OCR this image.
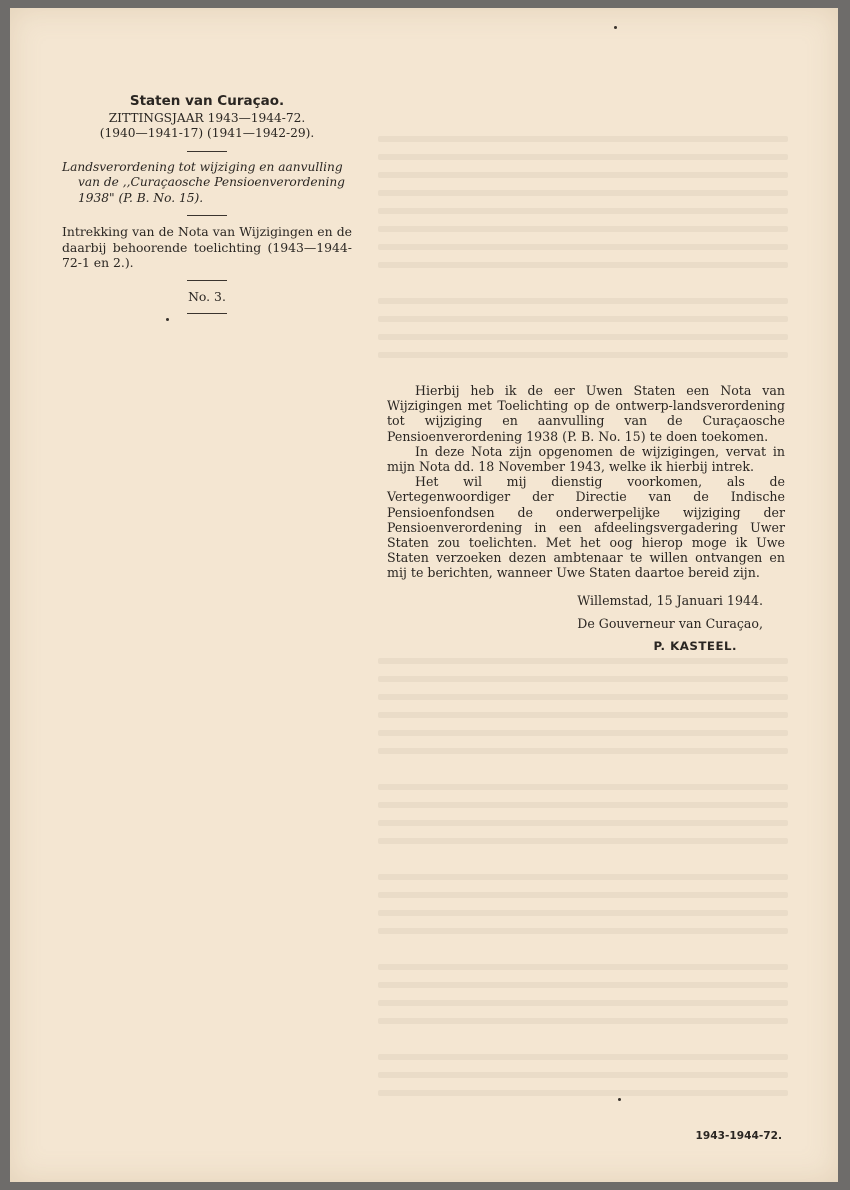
Staten van Curaçao.
ZITTINGSJAAR 1943—1944-72.
(1940—1941-17) (1941—1942-29).
Landsverordening tot wijziging en aanvulling

van de ,,Curaçaosche Pensioenverordening
1938" (P. B. No. 15).
Intrekking van de Nota van Wijzigingen en de daarbij behoorende toelichting (1943—1944-72-1 en 2.).
No. 3.

Hierbij heb ik de eer Uwen Staten een Nota van Wijzigingen met Toelichting op de ontwerp-landsverordening tot wijziging en aanvulling van de Curaçaosche Pensioenverordening 1938 (P. B. No. 15) te doen toekomen.

In deze Nota zijn opgenomen de wijzigingen, vervat in mijn Nota dd. 18 November 1943, welke ik hierbij intrek.

Het wil mij dienstig voorkomen, als de Vertegenwoordiger der Directie van de Indische Pensioenfondsen de onderwerpelijke wijziging der Pensioenverordening in een afdeelingsvergadering Uwer Staten zou toelichten. Met het oog hierop moge ik Uwe Staten verzoeken dezen ambtenaar te willen ontvangen en mij te berichten, wanneer Uwe Staten daartoe bereid zijn.

Willemstad, 15 Januari 1944.
De Gouverneur van Curaçao,
P. KASTEEL.
1943-1944-72.
